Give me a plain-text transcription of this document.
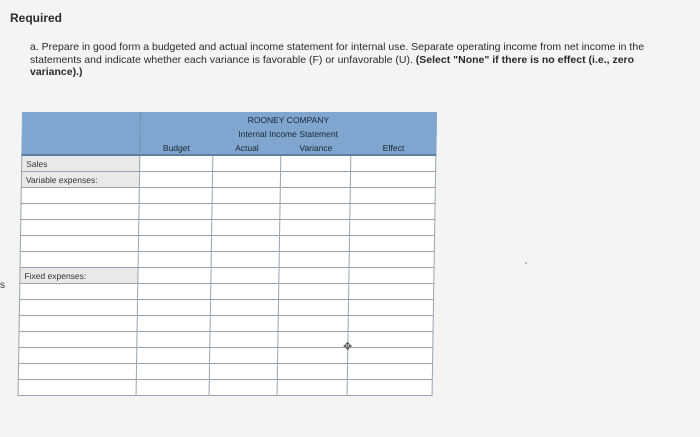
Required
a. Prepare in good form a budgeted and actual income statement for internal use. Separate operating income from net income in the statements and indicate whether each variance is favorable (F) or unfavorable (U). (Select "None" if there is no effect (i.e., zero variance).)
s
	ROONEY COMPANY			
	Internal Income Statement			
	Budget	Actual	Variance	Effect
Sales				
Variable expenses:				

Fixed expenses:				

✥
